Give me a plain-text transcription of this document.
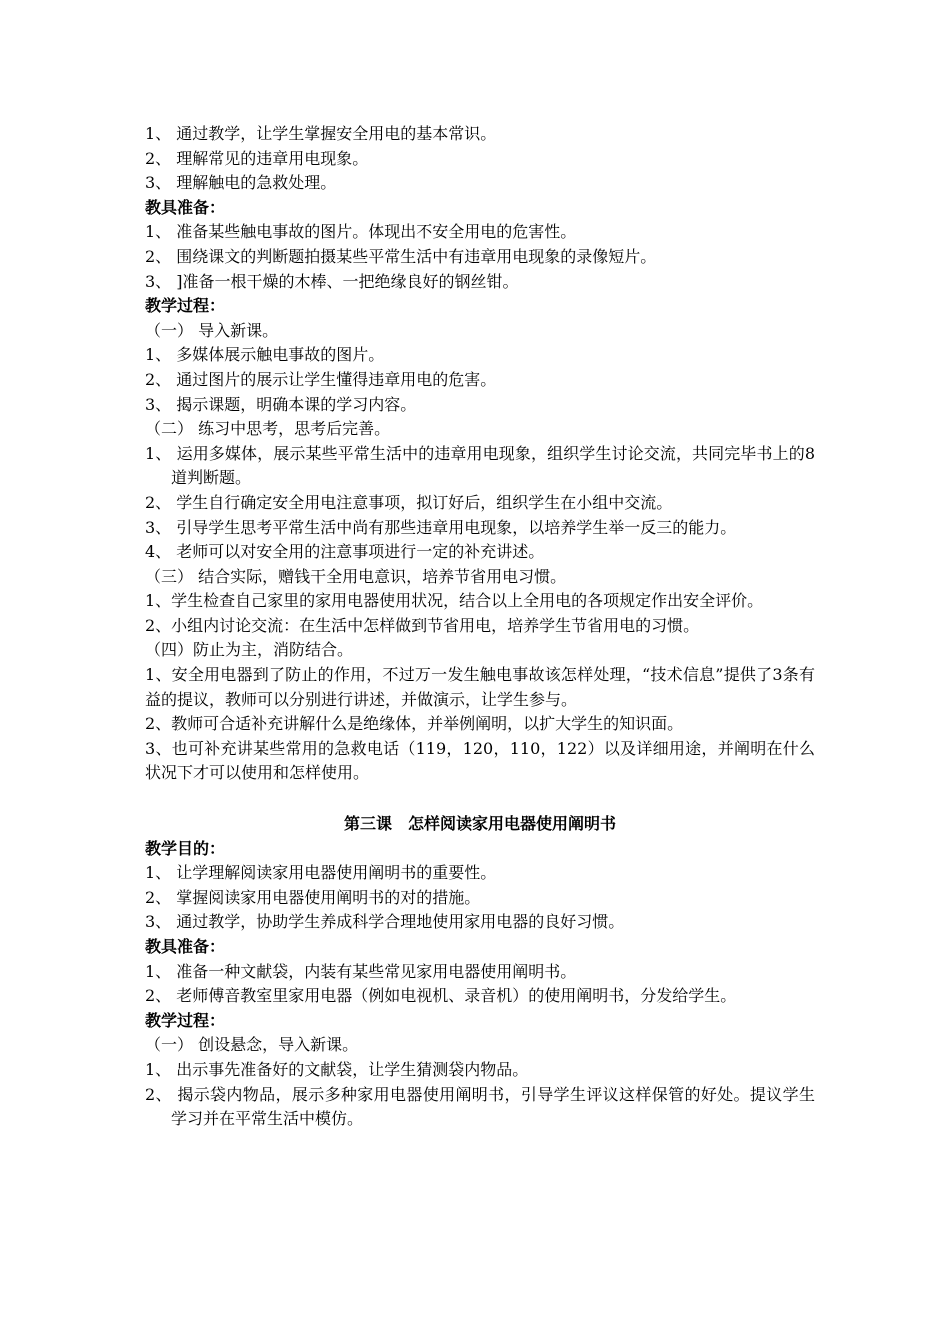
1、 通过教学，让学生掌握安全用电的基本常识。
2、 理解常见的违章用电现象。
3、 理解触电的急救处理。
教具准备：
1、 准备某些触电事故的图片。体现出不安全用电的危害性。
2、 围绕课文的判断题拍摄某些平常生活中有违章用电现象的录像短片。
3、 ]准备一根干燥的木棒、一把绝缘良好的钢丝钳。
教学过程：
（一） 导入新课。
1、 多媒体展示触电事故的图片。
2、 通过图片的展示让学生懂得违章用电的危害。
3、 揭示课题，明确本课的学习内容。
（二） 练习中思考，思考后完善。
1、 运用多媒体，展示某些平常生活中的违章用电现象，组织学生讨论交流，共同完毕书上的8道判断题。
2、 学生自行确定安全用电注意事项，拟订好后，组织学生在小组中交流。
3、 引导学生思考平常生活中尚有那些违章用电现象，以培养学生举一反三的能力。
4、 老师可以对安全用的注意事项进行一定的补充讲述。
（三） 结合实际，赠钱干全用电意识，培养节省用电习惯。
1、学生检查自己家里的家用电器使用状况，结合以上全用电的各项规定作出安全评价。
2、小组内讨论交流：在生活中怎样做到节省用电，培养学生节省用电的习惯。
（四）防止为主，消防结合。
1、安全用电器到了防止的作用，不过万一发生触电事故该怎样处理，“技术信息”提供了3条有益的提议，教师可以分别进行讲述，并做演示，让学生参与。
2、教师可合适补充讲解什么是绝缘体，并举例阐明，以扩大学生的知识面。
3、也可补充讲某些常用的急救电话（119，120，110，122）以及详细用途，并阐明在什么状况下才可以使用和怎样使用。
第三课 怎样阅读家用电器使用阐明书
教学目的：
1、 让学理解阅读家用电器使用阐明书的重要性。
2、 掌握阅读家用电器使用阐明书的对的措施。
3、 通过教学，协助学生养成科学合理地使用家用电器的良好习惯。
教具准备：
1、 准备一种文献袋，内装有某些常见家用电器使用阐明书。
2、 老师傅音教室里家用电器（例如电视机、录音机）的使用阐明书，分发给学生。
教学过程：
（一） 创设悬念，导入新课。
1、 出示事先准备好的文献袋，让学生猜测袋内物品。
2、 揭示袋内物品，展示多种家用电器使用阐明书，引导学生评议这样保管的好处。提议学生学习并在平常生活中模仿。
